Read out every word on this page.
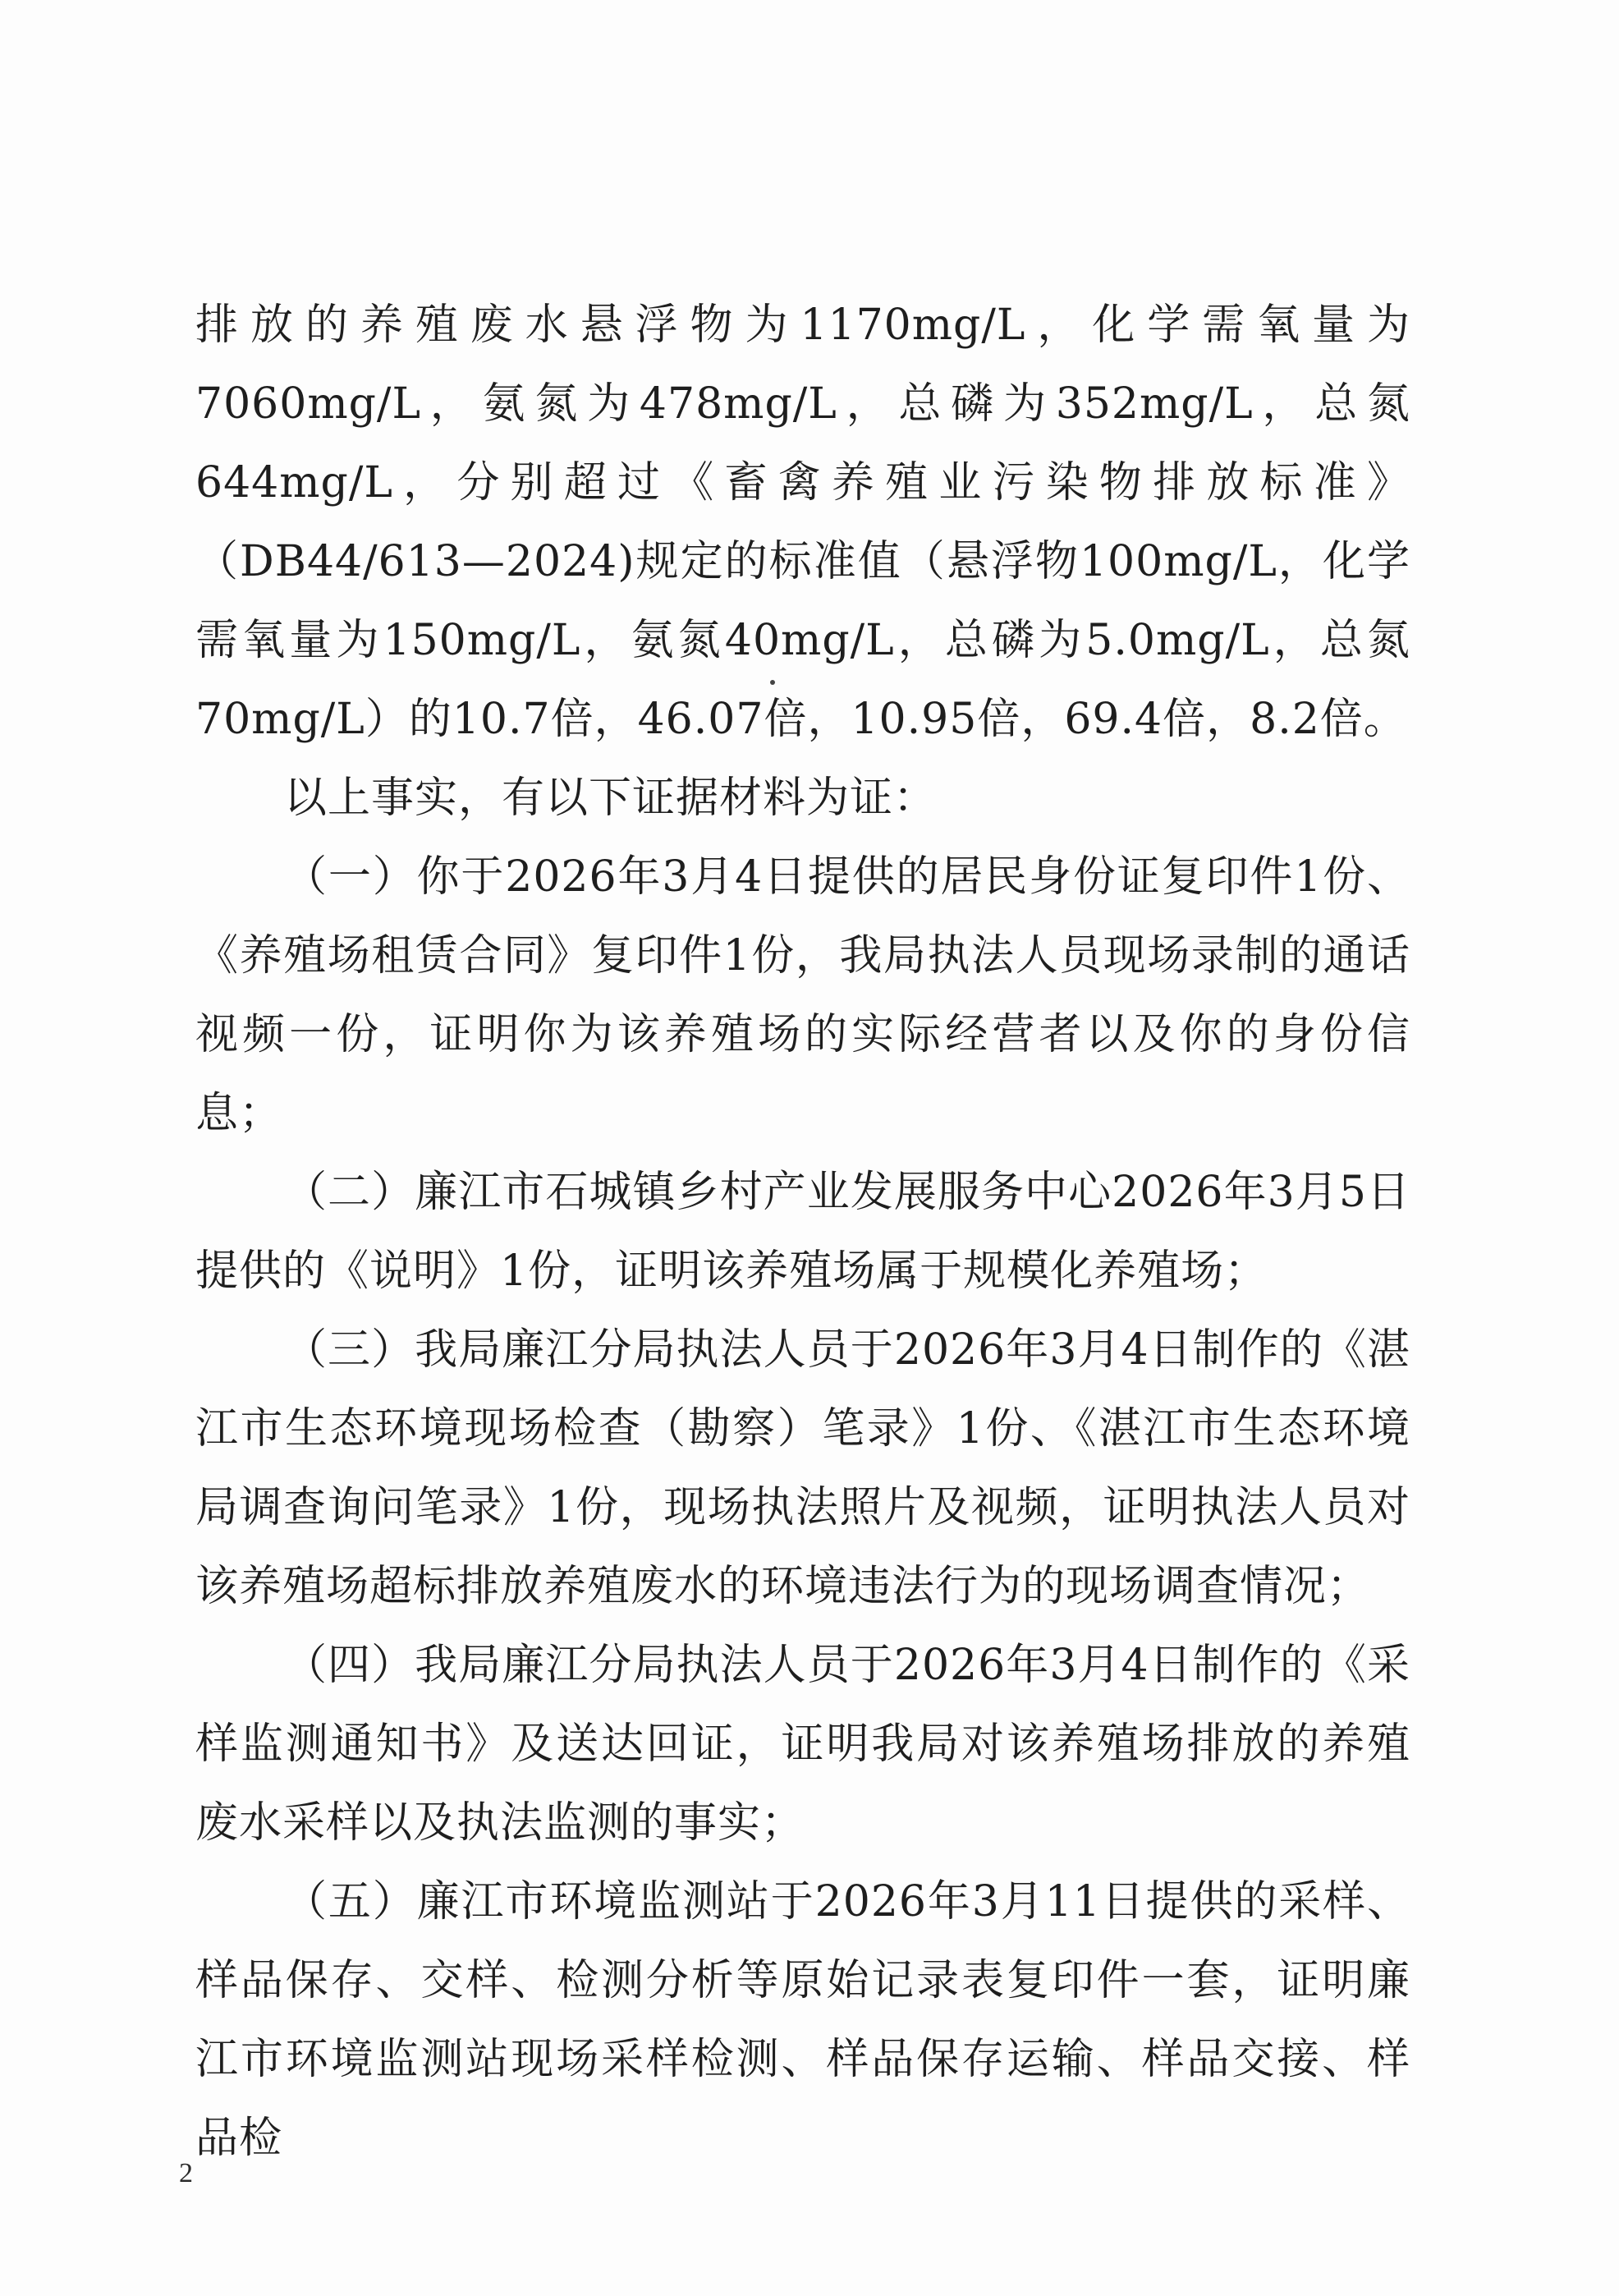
排放的养殖废水悬浮物为1170mg/L，化学需氧量为7060mg/L，氨氮为478mg/L，总磷为352mg/L，总氮644mg/L，分别超过《畜禽养殖业污染物排放标准》（DB44/613—2024)规定的标准值（悬浮物100mg/L，化学需氧量为150mg/L，氨氮40mg/L，总磷为5.0mg/L，总氮70mg/L）的10.7倍，46.07倍，10.95倍，69.4倍，8.2倍。

以上事实，有以下证据材料为证：

（一）你于2026年3月4日提供的居民身份证复印件1份、《养殖场租赁合同》复印件1份，我局执法人员现场录制的通话视频一份，证明你为该养殖场的实际经营者以及你的身份信息；

（二）廉江市石城镇乡村产业发展服务中心2026年3月5日提供的《说明》1份，证明该养殖场属于规模化养殖场；

（三）我局廉江分局执法人员于2026年3月4日制作的《湛江市生态环境现场检查（勘察）笔录》1份、《湛江市生态环境局调查询问笔录》1份，现场执法照片及视频，证明执法人员对该养殖场超标排放养殖废水的环境违法行为的现场调查情况；

（四）我局廉江分局执法人员于2026年3月4日制作的《采样监测通知书》及送达回证，证明我局对该养殖场排放的养殖废水采样以及执法监测的事实；

（五）廉江市环境监测站于2026年3月11日提供的采样、样品保存、交样、检测分析等原始记录表复印件一套，证明廉江市环境监测站现场采样检测、样品保存运输、样品交接、样品检

2
